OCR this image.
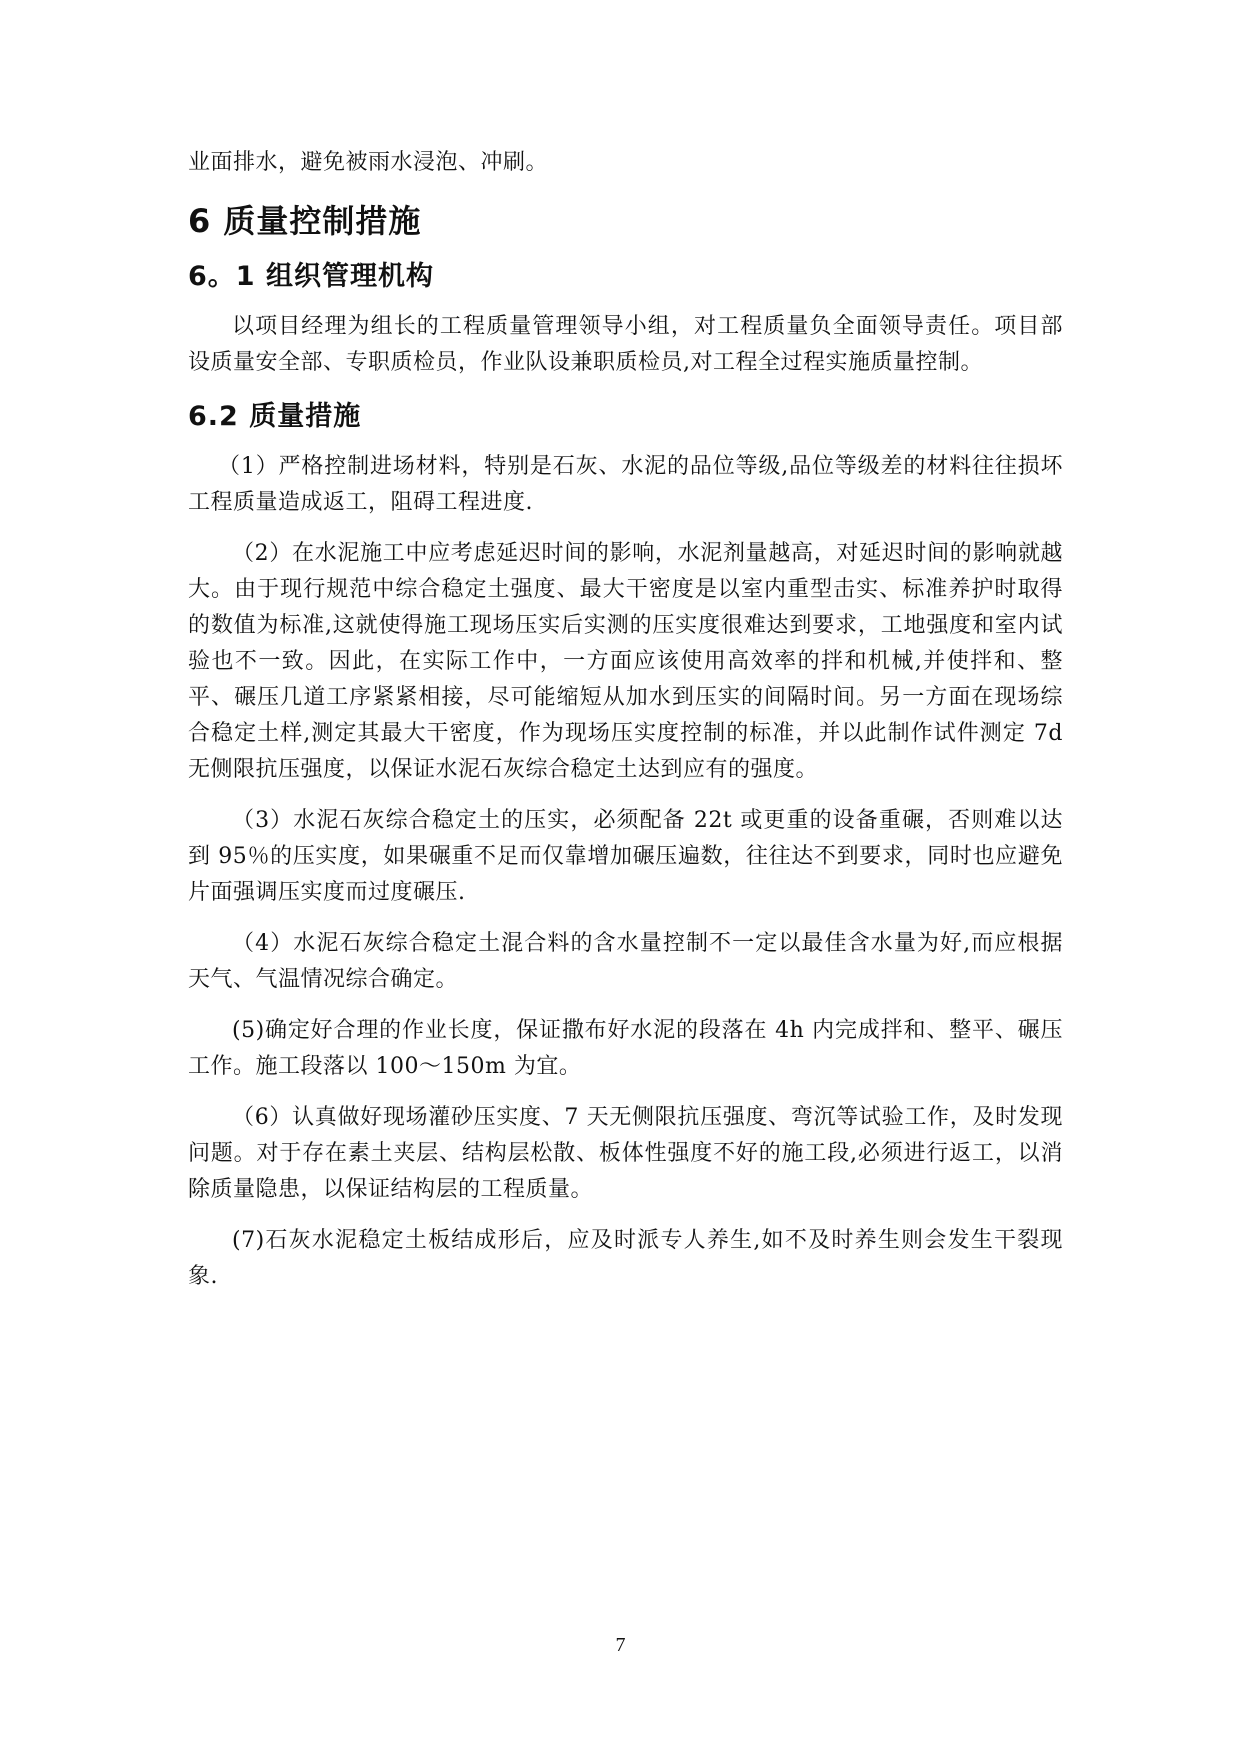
业面排水，避免被雨水浸泡、冲刷。

6 质量控制措施
6。1 组织管理机构

以项目经理为组长的工程质量管理领导小组，对工程质量负全面领导责任。项目部设质量安全部、专职质检员，作业队设兼职质检员,对工程全过程实施质量控制。

6.2 质量措施

（1）严格控制进场材料，特别是石灰、水泥的品位等级,品位等级差的材料往往损坏工程质量造成返工，阻碍工程进度.

（2）在水泥施工中应考虑延迟时间的影响，水泥剂量越高，对延迟时间的影响就越大。由于现行规范中综合稳定土强度、最大干密度是以室内重型击实、标准养护时取得的数值为标准,这就使得施工现场压实后实测的压实度很难达到要求，工地强度和室内试验也不一致。因此，在实际工作中，一方面应该使用高效率的拌和机械,并使拌和、整平、碾压几道工序紧紧相接，尽可能缩短从加水到压实的间隔时间。另一方面在现场综合稳定土样,测定其最大干密度，作为现场压实度控制的标准，并以此制作试件测定 7d 无侧限抗压强度，以保证水泥石灰综合稳定土达到应有的强度。

（3）水泥石灰综合稳定土的压实，必须配备 22t 或更重的设备重碾，否则难以达到 95％的压实度，如果碾重不足而仅靠增加碾压遍数，往往达不到要求，同时也应避免片面强调压实度而过度碾压.

（4）水泥石灰综合稳定土混合料的含水量控制不一定以最佳含水量为好,而应根据天气、气温情况综合确定。

(5)确定好合理的作业长度，保证撒布好水泥的段落在 4h 内完成拌和、整平、碾压工作。施工段落以 100～150m 为宜。

（6）认真做好现场灌砂压实度、7 天无侧限抗压强度、弯沉等试验工作，及时发现问题。对于存在素土夹层、结构层松散、板体性强度不好的施工段,必须进行返工，以消除质量隐患，以保证结构层的工程质量。

(7)石灰水泥稳定土板结成形后，应及时派专人养生,如不及时养生则会发生干裂现象.

7
